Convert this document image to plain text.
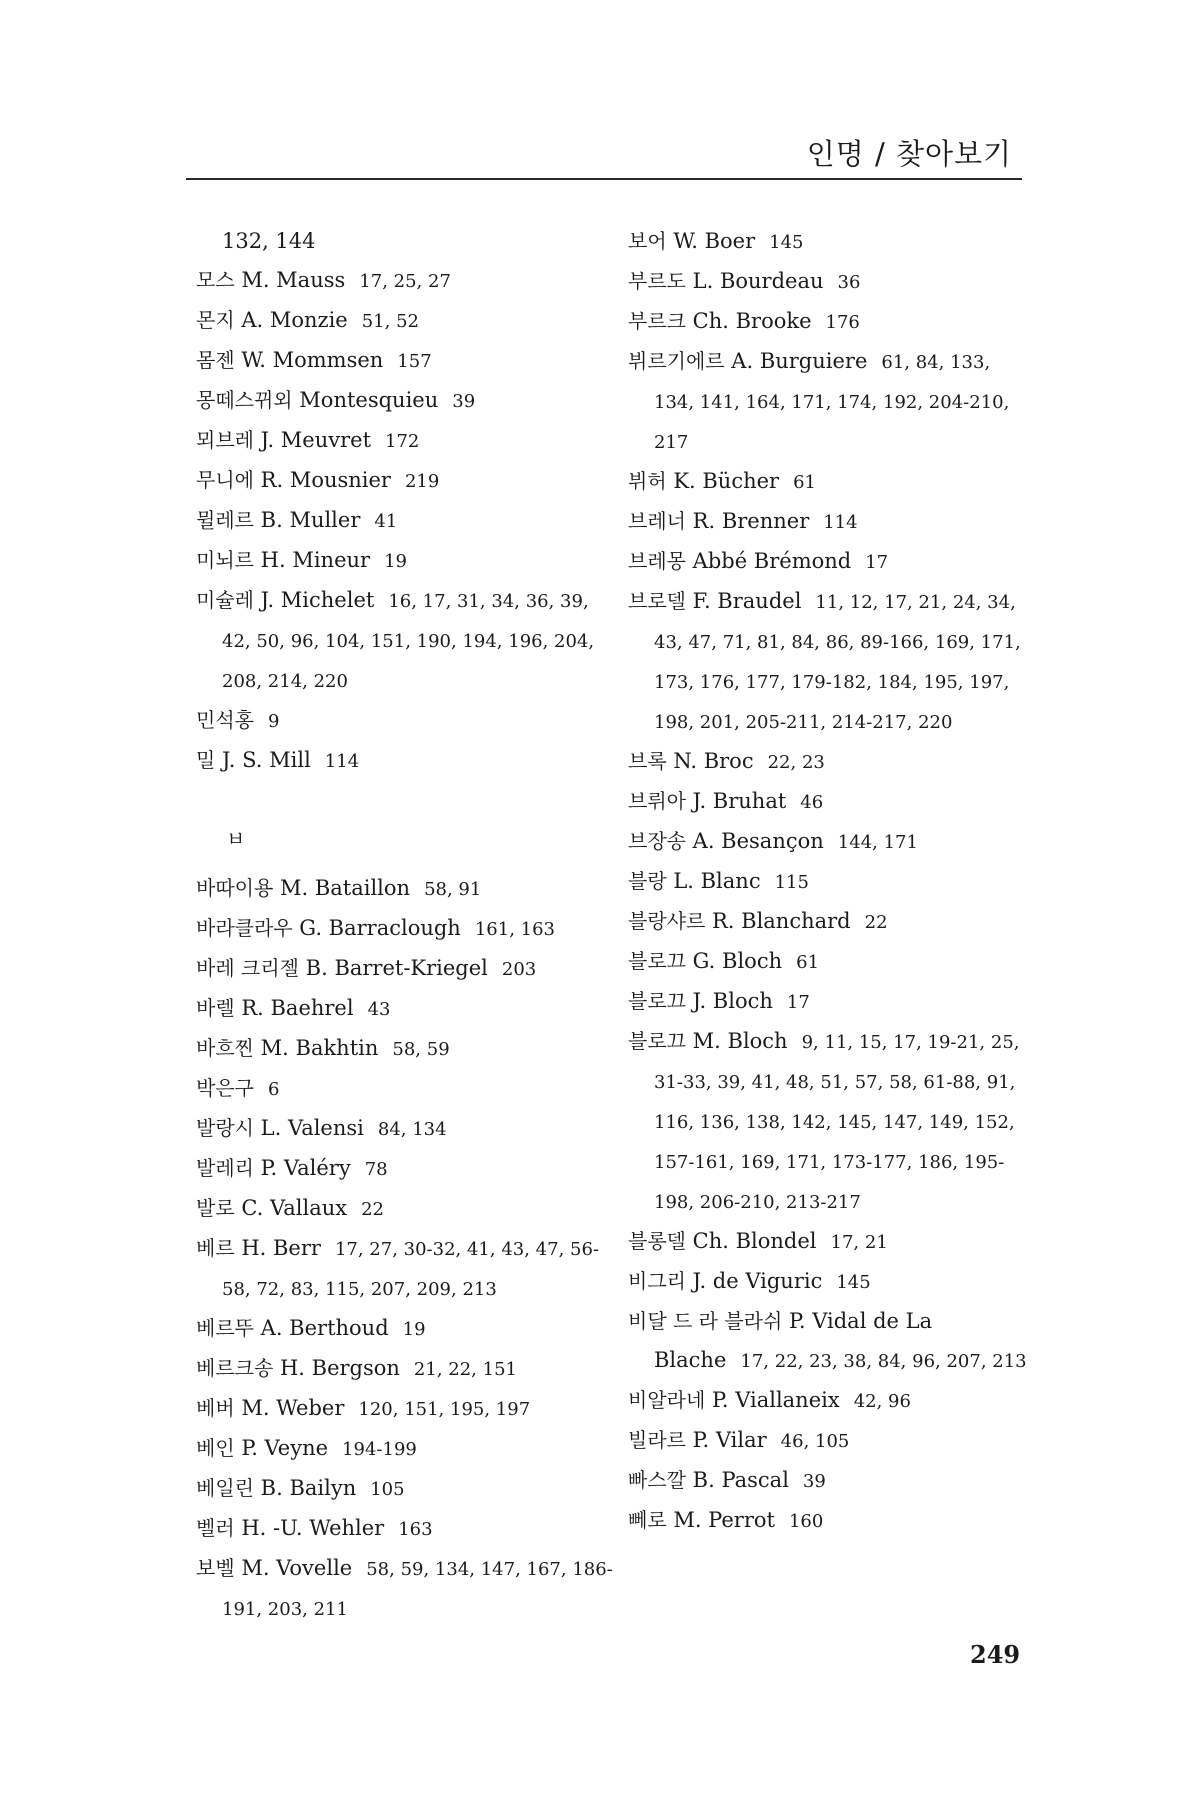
인명 / 찾아보기
132, 144
모스 M. Mauss 17, 25, 27
몬지 A. Monzie 51, 52
몸젠 W. Mommsen 157
몽떼스뀌외 Montesquieu 39
뫼브레 J. Meuvret 172
무니에 R. Mousnier 219
뮐레르 B. Muller 41
미뇌르 H. Mineur 19
미슐레 J. Michelet 16, 17, 31, 34, 36, 39, 42, 50, 96, 104, 151, 190, 194, 196, 204, 208, 214, 220
민석홍 9
밀 J. S. Mill 114
ㅂ
바따이용 M. Bataillon 58, 91
바라클라우 G. Barraclough 161, 163
바레 크리젤 B. Barret-Kriegel 203
바렐 R. Baehrel 43
바흐찐 M. Bakhtin 58, 59
박은구 6
발랑시 L. Valensi 84, 134
발레리 P. Valéry 78
발로 C. Vallaux 22
베르 H. Berr 17, 27, 30-32, 41, 43, 47, 56-58, 72, 83, 115, 207, 209, 213
베르뚜 A. Berthoud 19
베르크송 H. Bergson 21, 22, 151
베버 M. Weber 120, 151, 195, 197
베인 P. Veyne 194-199
베일린 B. Bailyn 105
벨러 H. -U. Wehler 163
보벨 M. Vovelle 58, 59, 134, 147, 167, 186-191, 203, 211
보어 W. Boer 145
부르도 L. Bourdeau 36
부르크 Ch. Brooke 176
뷔르기에르 A. Burguiere 61, 84, 133, 134, 141, 164, 171, 174, 192, 204-210, 217
뷔허 K. Bücher 61
브레너 R. Brenner 114
브레몽 Abbé Brémond 17
브로델 F. Braudel 11, 12, 17, 21, 24, 34, 43, 47, 71, 81, 84, 86, 89-166, 169, 171, 173, 176, 177, 179-182, 184, 195, 197, 198, 201, 205-211, 214-217, 220
브록 N. Broc 22, 23
브뤼아 J. Bruhat 46
브장송 A. Besançon 144, 171
블랑 L. Blanc 115
블랑샤르 R. Blanchard 22
블로끄 G. Bloch 61
블로끄 J. Bloch 17
블로끄 M. Bloch 9, 11, 15, 17, 19-21, 25, 31-33, 39, 41, 48, 51, 57, 58, 61-88, 91, 116, 136, 138, 142, 145, 147, 149, 152, 157-161, 169, 171, 173-177, 186, 195-198, 206-210, 213-217
블롱델 Ch. Blondel 17, 21
비그리 J. de Viguric 145
비달 드 라 블라쉬 P. Vidal de La Blache 17, 22, 23, 38, 84, 96, 207, 213
비알라네 P. Viallaneix 42, 96
빌라르 P. Vilar 46, 105
빠스깔 B. Pascal 39
뻬로 M. Perrot 160
249
